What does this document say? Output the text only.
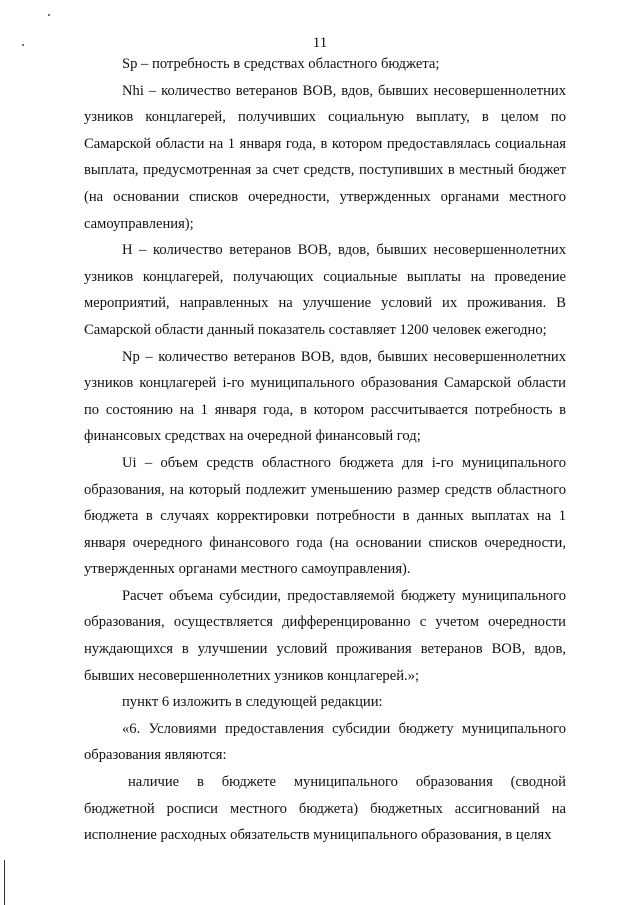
11

Sp – потребность в средствах областного бюджета;

Nhi – количество ветеранов ВОВ, вдов, бывших несовершеннолетних узников концлагерей, получивших социальную выплату, в целом по Самарской области на 1 января года, в котором предоставлялась социальная выплата, предусмотренная за счет средств, поступивших в местный бюджет (на основании списков очередности, утвержденных органами местного самоуправления);

Н – количество ветеранов ВОВ, вдов, бывших несовершеннолетних узников концлагерей, получающих социальные выплаты на проведение мероприятий, направленных на улучшение условий их проживания. В Самарской области данный показатель составляет 1200 человек ежегодно;

Np – количество ветеранов ВОВ, вдов, бывших несовершеннолетних узников концлагерей i-го муниципального образования Самарской области по состоянию на 1 января года, в котором рассчитывается потребность в финансовых средствах на очередной финансовый год;

Ui – объем средств областного бюджета для i-го муниципального образования, на который подлежит уменьшению размер средств областного бюджета в случаях корректировки потребности в данных выплатах на 1 января очередного финансового года (на основании списков очередности, утвержденных органами местного самоуправления).

Расчет объема субсидии, предоставляемой бюджету муниципального образования, осуществляется дифференцированно с учетом очередности нуждающихся в улучшении условий проживания ветеранов ВОВ, вдов, бывших несовершеннолетних узников концлагерей.»;

пункт 6 изложить в следующей редакции:

«6. Условиями предоставления субсидии бюджету муниципального образования являются:

наличие в бюджете муниципального образования (сводной бюджетной росписи местного бюджета) бюджетных ассигнований на исполнение расходных обязательств муниципального образования, в целях
